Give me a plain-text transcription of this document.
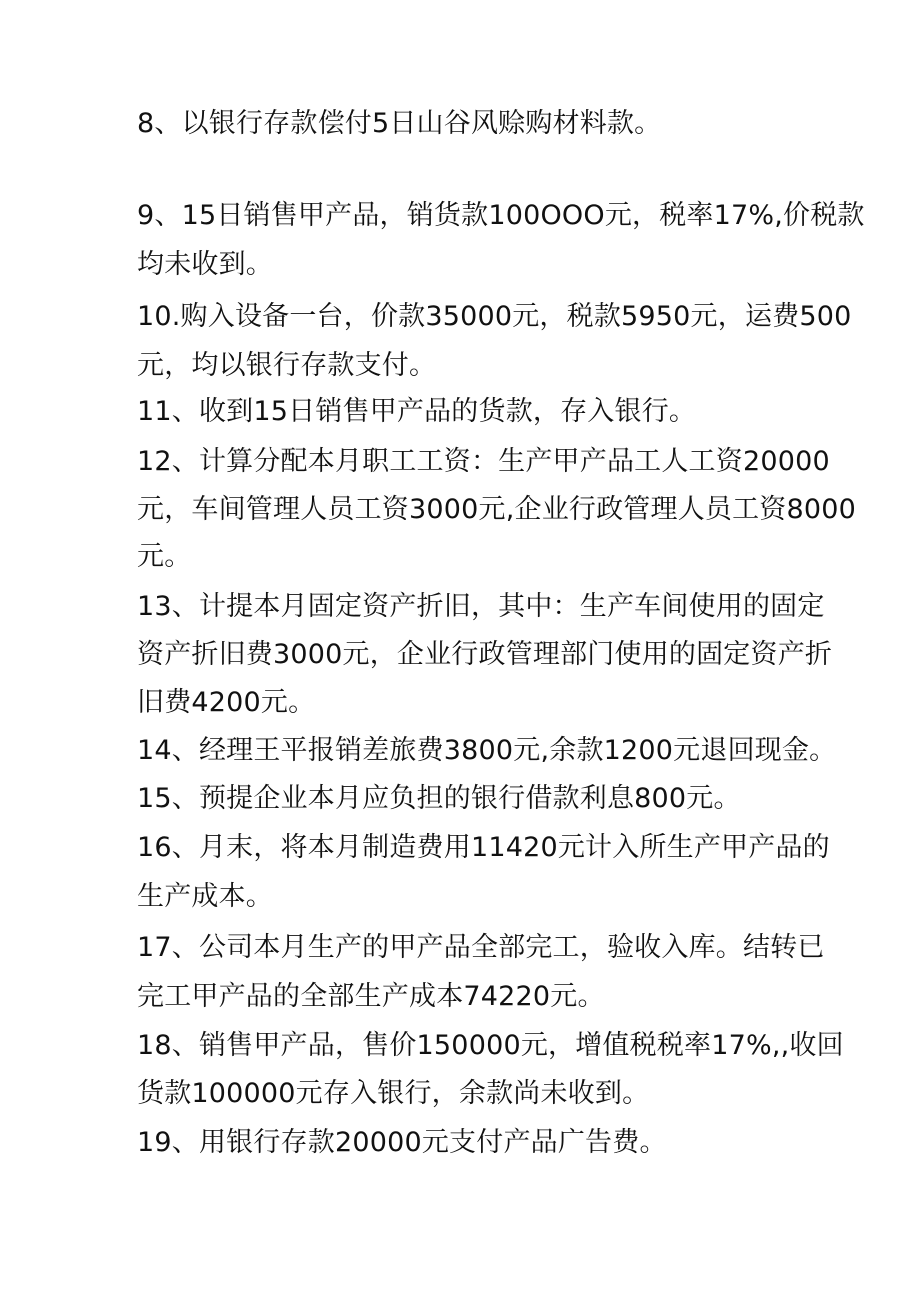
8、以银行存款偿付5日山谷风赊购材料款。
9、15日销售甲产品，销货款100OOO元，税率17%,价税款
均未收到。
10.购入设备一台，价款35000元，税款5950元，运费500
元，均以银行存款支付。
11、收到15日销售甲产品的货款，存入银行。
12、计算分配本月职工工资：生产甲产品工人工资20000
元，车间管理人员工资3000元,企业行政管理人员工资8000
元。
13、计提本月固定资产折旧，其中：生产车间使用的固定
资产折旧费3000元，企业行政管理部门使用的固定资产折
旧费4200元。
14、经理王平报销差旅费3800元,余款1200元退回现金。
15、预提企业本月应负担的银行借款利息800元。
16、月末，将本月制造费用11420元计入所生产甲产品的
生产成本。
17、公司本月生产的甲产品全部完工，验收入库。结转已
完工甲产品的全部生产成本74220元。
18、销售甲产品，售价150000元，增值税税率17%,,收回
货款100000元存入银行，余款尚未收到。
19、用银行存款20000元支付产品广告费。
